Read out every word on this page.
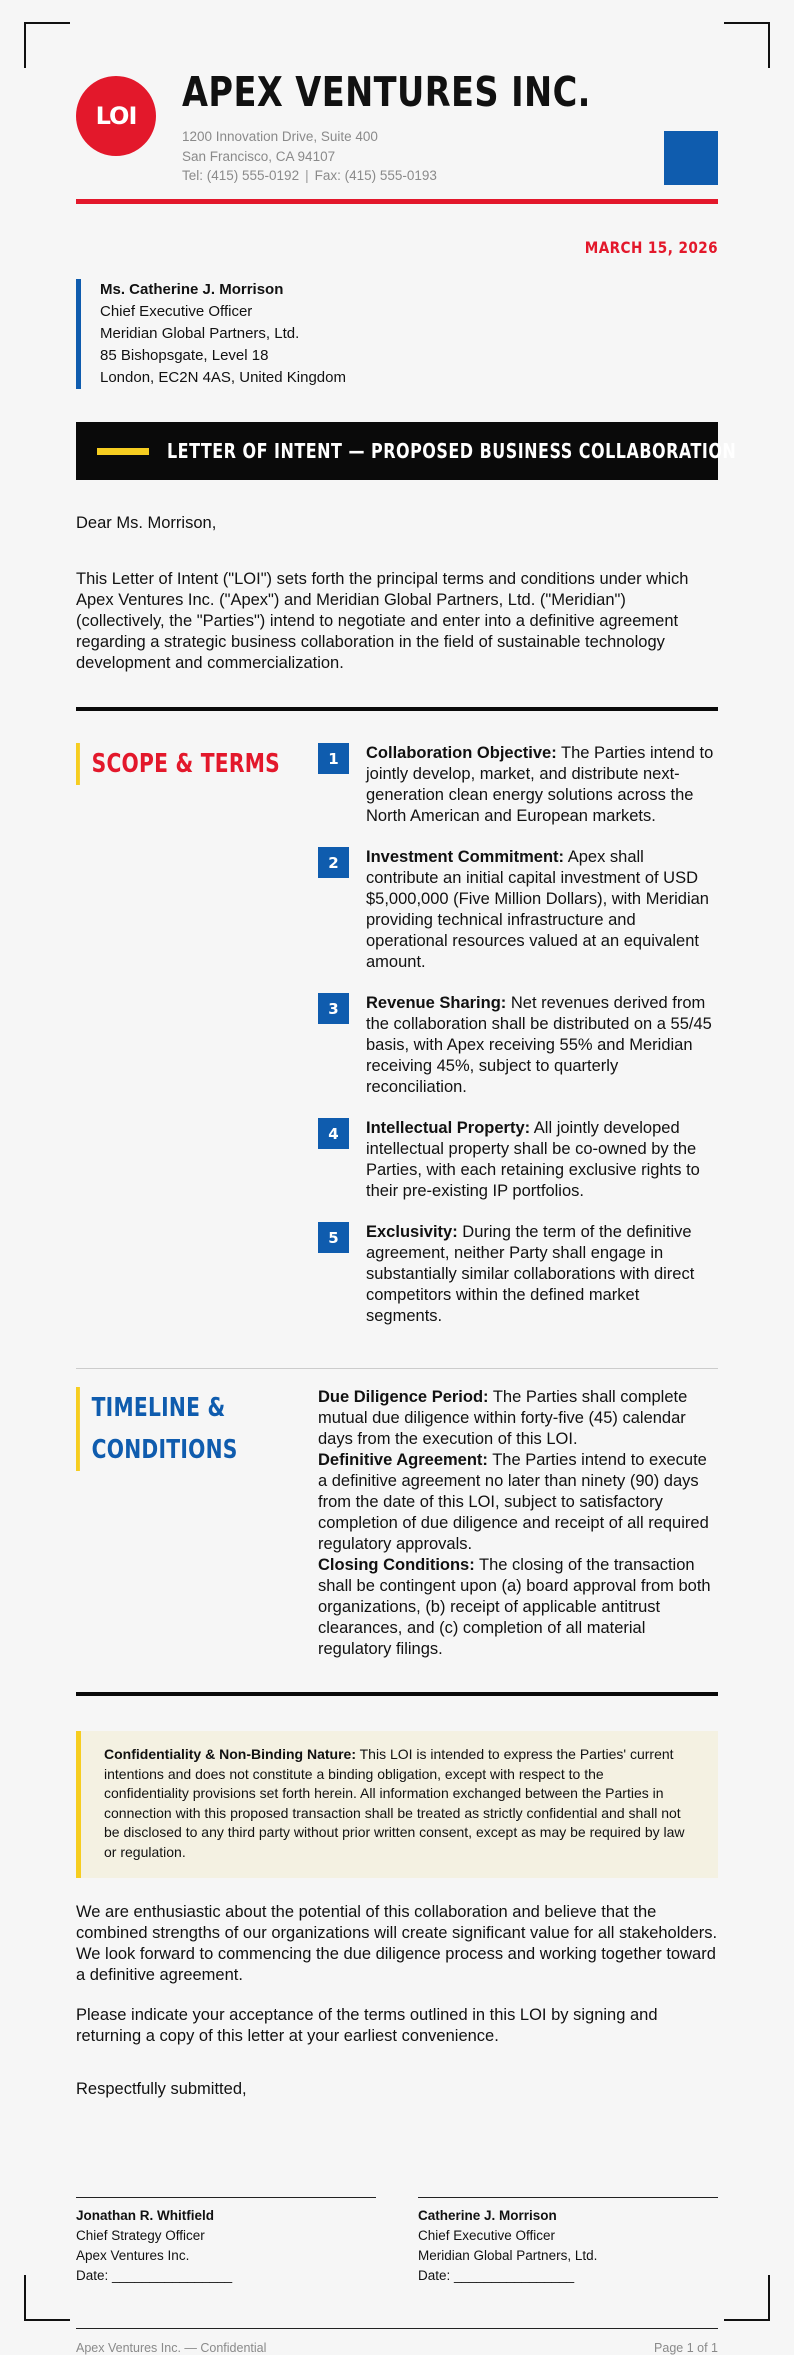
LOI	APEX VENTURES INC.
1200 Innovation Drive, Suite 400
San Francisco, CA 94107
Tel: (415) 555-0192 | Fax: (415) 555-0193
MARCH 15, 2026
Ms. Catherine J. Morrison
Chief Executive Officer
Meridian Global Partners, Ltd.
85 Bishopsgate, Level 18
London, EC2N 4AS, United Kingdom
LETTER OF INTENT — PROPOSED BUSINESS COLLABORATION

Dear Ms. Morrison,

This Letter of Intent ("LOI") sets forth the principal terms and conditions under which Apex Ventures Inc. ("Apex") and Meridian Global Partners, Ltd. ("Meridian") (collectively, the "Parties") intend to negotiate and enter into a definitive agreement regarding a strategic business collaboration in the field of sustainable technology development and commercialization.

SCOPE & TERMS	1	Collaboration Objective: The Parties intend to jointly develop, market, and distribute next-generation clean energy solutions across the North American and European markets.
2	Investment Commitment: Apex shall contribute an initial capital investment of USD $5,000,000 (Five Million Dollars), with Meridian providing technical infrastructure and operational resources valued at an equivalent amount.
3	Revenue Sharing: Net revenues derived from the collaboration shall be distributed on a 55/45 basis, with Apex receiving 55% and Meridian receiving 45%, subject to quarterly reconciliation.
4	Intellectual Property: All jointly developed intellectual property shall be co-owned by the Parties, with each retaining exclusive rights to their pre-existing IP portfolios.
5	Exclusivity: During the term of the definitive agreement, neither Party shall engage in substantially similar collaborations with direct competitors within the defined market segments.
TIMELINE &
CONDITIONS

Due Diligence Period: The Parties shall complete mutual due diligence within forty-five (45) calendar days from the execution of this LOI.

Definitive Agreement: The Parties intend to execute a definitive agreement no later than ninety (90) days from the date of this LOI, subject to satisfactory completion of due diligence and receipt of all required regulatory approvals.

Closing Conditions: The closing of the transaction shall be contingent upon (a) board approval from both organizations, (b) receipt of applicable antitrust clearances, and (c) completion of all material regulatory filings.

Confidentiality & Non-Binding Nature: This LOI is intended to express the Parties' current intentions and does not constitute a binding obligation, except with respect to the confidentiality provisions set forth herein. All information exchanged between the Parties in connection with this proposed transaction shall be treated as strictly confidential and shall not be disclosed to any third party without prior written consent, except as may be required by law or regulation.

We are enthusiastic about the potential of this collaboration and believe that the combined strengths of our organizations will create significant value for all stakeholders. We look forward to commencing the due diligence process and working together toward a definitive agreement.

Please indicate your acceptance of the terms outlined in this LOI by signing and returning a copy of this letter at your earliest convenience.

Respectfully submitted,

Jonathan R. Whitfield
Chief Strategy Officer
Apex Ventures Inc.
Date: ________________
Catherine J. Morrison
Chief Executive Officer
Meridian Global Partners, Ltd.
Date: ________________
Apex Ventures Inc. — Confidential	Page 1 of 1
